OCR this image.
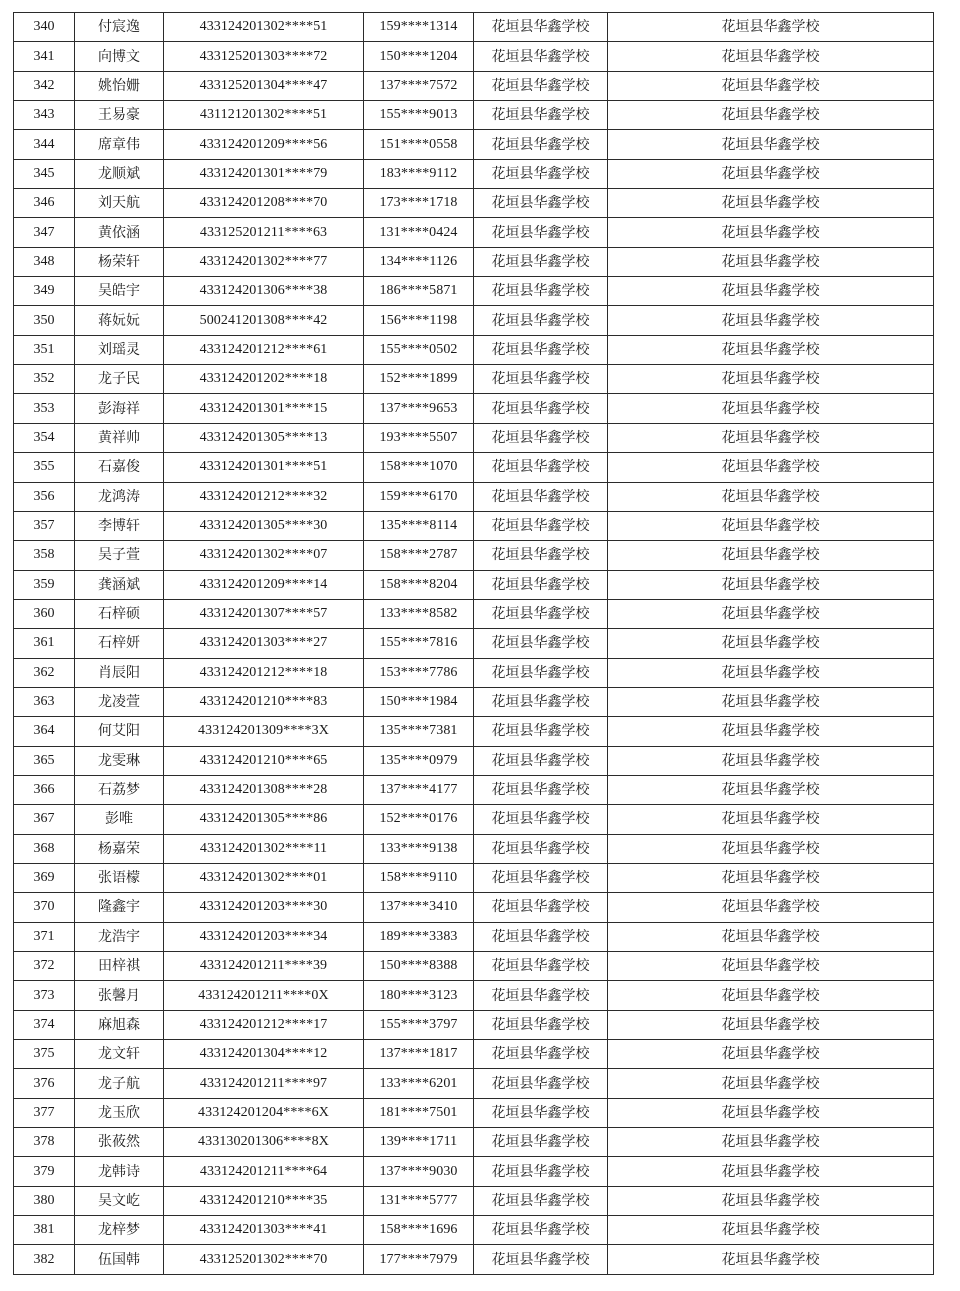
340	付宸逸	433124201302****51	159****1314	花垣县华鑫学校	花垣县华鑫学校
341	向博文	433125201303****72	150****1204	花垣县华鑫学校	花垣县华鑫学校
342	姚怡姗	433125201304****47	137****7572	花垣县华鑫学校	花垣县华鑫学校
343	王易豪	431121201302****51	155****9013	花垣县华鑫学校	花垣县华鑫学校
344	席章伟	433124201209****56	151****0558	花垣县华鑫学校	花垣县华鑫学校
345	龙顺斌	433124201301****79	183****9112	花垣县华鑫学校	花垣县华鑫学校
346	刘天航	433124201208****70	173****1718	花垣县华鑫学校	花垣县华鑫学校
347	黄依涵	433125201211****63	131****0424	花垣县华鑫学校	花垣县华鑫学校
348	杨荣轩	433124201302****77	134****1126	花垣县华鑫学校	花垣县华鑫学校
349	吴皓宇	433124201306****38	186****5871	花垣县华鑫学校	花垣县华鑫学校
350	蒋妧妧	500241201308****42	156****1198	花垣县华鑫学校	花垣县华鑫学校
351	刘瑶灵	433124201212****61	155****0502	花垣县华鑫学校	花垣县华鑫学校
352	龙子民	433124201202****18	152****1899	花垣县华鑫学校	花垣县华鑫学校
353	彭海祥	433124201301****15	137****9653	花垣县华鑫学校	花垣县华鑫学校
354	黄祥帅	433124201305****13	193****5507	花垣县华鑫学校	花垣县华鑫学校
355	石嘉俊	433124201301****51	158****1070	花垣县华鑫学校	花垣县华鑫学校
356	龙鸿涛	433124201212****32	159****6170	花垣县华鑫学校	花垣县华鑫学校
357	李博轩	433124201305****30	135****8114	花垣县华鑫学校	花垣县华鑫学校
358	吴子萱	433124201302****07	158****2787	花垣县华鑫学校	花垣县华鑫学校
359	龚涵斌	433124201209****14	158****8204	花垣县华鑫学校	花垣县华鑫学校
360	石梓硕	433124201307****57	133****8582	花垣县华鑫学校	花垣县华鑫学校
361	石梓妍	433124201303****27	155****7816	花垣县华鑫学校	花垣县华鑫学校
362	肖辰阳	433124201212****18	153****7786	花垣县华鑫学校	花垣县华鑫学校
363	龙凌萱	433124201210****83	150****1984	花垣县华鑫学校	花垣县华鑫学校
364	何艾阳	433124201309****3X	135****7381	花垣县华鑫学校	花垣县华鑫学校
365	龙雯琳	433124201210****65	135****0979	花垣县华鑫学校	花垣县华鑫学校
366	石荔梦	433124201308****28	137****4177	花垣县华鑫学校	花垣县华鑫学校
367	彭唯	433124201305****86	152****0176	花垣县华鑫学校	花垣县华鑫学校
368	杨嘉荣	433124201302****11	133****9138	花垣县华鑫学校	花垣县华鑫学校
369	张语檬	433124201302****01	158****9110	花垣县华鑫学校	花垣县华鑫学校
370	隆鑫宇	433124201203****30	137****3410	花垣县华鑫学校	花垣县华鑫学校
371	龙浩宇	433124201203****34	189****3383	花垣县华鑫学校	花垣县华鑫学校
372	田梓祺	433124201211****39	150****8388	花垣县华鑫学校	花垣县华鑫学校
373	张馨月	433124201211****0X	180****3123	花垣县华鑫学校	花垣县华鑫学校
374	麻旭森	433124201212****17	155****3797	花垣县华鑫学校	花垣县华鑫学校
375	龙文轩	433124201304****12	137****1817	花垣县华鑫学校	花垣县华鑫学校
376	龙子航	433124201211****97	133****6201	花垣县华鑫学校	花垣县华鑫学校
377	龙玉欣	433124201204****6X	181****7501	花垣县华鑫学校	花垣县华鑫学校
378	张莜然	433130201306****8X	139****1711	花垣县华鑫学校	花垣县华鑫学校
379	龙韩诗	433124201211****64	137****9030	花垣县华鑫学校	花垣县华鑫学校
380	吴文屹	433124201210****35	131****5777	花垣县华鑫学校	花垣县华鑫学校
381	龙梓梦	433124201303****41	158****1696	花垣县华鑫学校	花垣县华鑫学校
382	伍国韩	433125201302****70	177****7979	花垣县华鑫学校	花垣县华鑫学校
